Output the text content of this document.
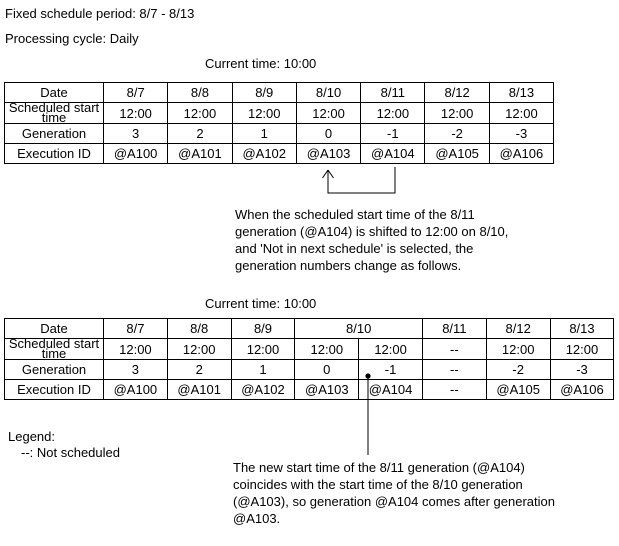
Fixed schedule period: 8/7 - 8/13
Processing cycle: Daily
Current time: 10:00
Date	8/7	8/8	8/9	8/10	8/11	8/12	8/13
Scheduled start time	12:00	12:00	12:00	12:00	12:00	12:00	12:00
Generation	3	2	1	0	-1	-2	-3
Execution ID	@A100	@A101	@A102	@A103	@A104	@A105	@A106
When the scheduled start time of the 8/11
generation (@A104) is shifted to 12:00 on 8/10,
and 'Not in next schedule' is selected, the
generation numbers change as follows.
Current time: 10:00
Date	8/7	8/8	8/9	8/10		8/11	8/12	8/13
Scheduled start time	12:00	12:00	12:00	12:00	12:00	--	12:00	12:00
Generation	3	2	1	0	-1	--	-2	-3
Execution ID	@A100	@A101	@A102	@A103	@A104	--	@A105	@A106
Legend:
--: Not scheduled
The new start time of the 8/11 generation (@A104)
coincides with the start time of the 8/10 generation
(@A103), so generation @A104 comes after generation
@A103.
